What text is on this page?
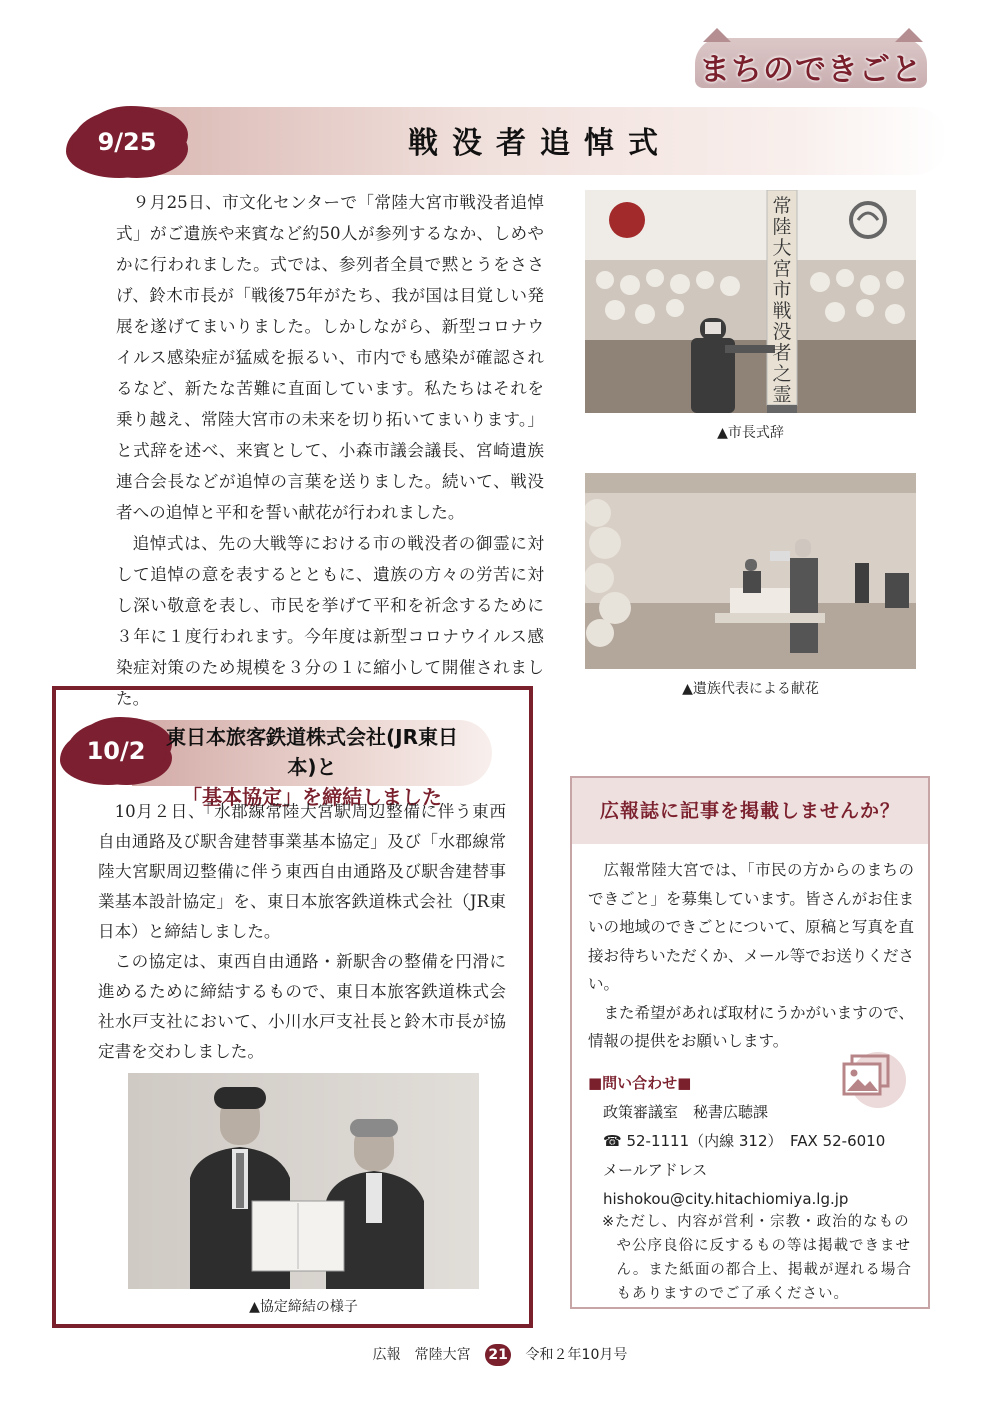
まちのできごと
9/25	戦没者追悼式

９月25日、市文化センターで「常陸大宮市戦没者追悼式」がご遺族や来賓など約50人が参列するなか、しめやかに行われました。式では、参列者全員で黙とうをささげ、鈴木市長が「戦後75年がたち、我が国は目覚しい発展を遂げてまいりました。しかしながら、新型コロナウイルス感染症が猛威を振るい、市内でも感染が確認されるなど、新たな苦難に直面しています。私たちはそれを乗り越え、常陸大宮市の未来を切り拓いてまいります。」と式辞を述べ、来賓として、小森市議会議長、宮崎遺族連合会長などが追悼の言葉を送りました。続いて、戦没者への追悼と平和を誓い献花が行われました。

追悼式は、先の大戦等における市の戦没者の御霊に対して追悼の意を表するとともに、遺族の方々の労苦に対し深い敬意を表し、市民を挙げて平和を祈念するために３年に１度行われます。今年度は新型コロナウイルス感染症対策のため規模を３分の１に縮小して開催されました。

常陸大宮市戦没者之霊
▲市長式辞
▲遺族代表による献花
10/2	東日本旅客鉄道株式会社(JR東日本)と
「基本協定」を締結しました

10月２日、「水郡線常陸大宮駅周辺整備に伴う東西自由通路及び駅舎建替事業基本協定」及び「水郡線常陸大宮駅周辺整備に伴う東西自由通路及び駅舎建替事業基本設計協定」を、東日本旅客鉄道株式会社（JR東日本）と締結しました。

この協定は、東西自由通路・新駅舎の整備を円滑に進めるために締結するもので、東日本旅客鉄道株式会社水戸支社において、小川水戸支社長と鈴木市長が協定書を交わしました。

▲協定締結の様子
広報誌に記事を掲載しませんか？

広報常陸大宮では、「市民の方からのまちのできごと」を募集しています。皆さんがお住まいの地域のできごとについて、原稿と写真を直接お待ちいただくか、メール等でお送りください。

また希望があれば取材にうかがいますので、情報の提供をお願いします。

■問い合わせ■
政策審議室　秘書広聴課
☎ 52-1111（内線 312）　FAX 52-6010
メールアドレス
hishokou@city.hitachiomiya.lg.jp
※ただし、内容が営利・宗教・政治的なものや公序良俗に反するもの等は掲載できません。また紙面の都合上、掲載が遅れる場合もありますのでご了承ください。
広報　常陸大宮 21 令和２年10月号
